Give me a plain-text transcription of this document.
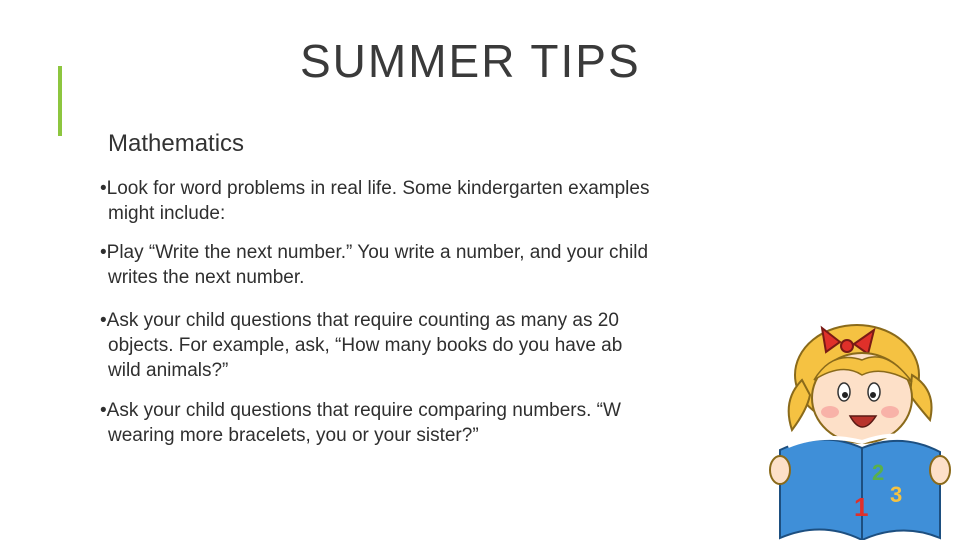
SUMMER TIPS
Mathematics
•Look for word problems in real life. Some kindergarten examples
might include:
•Play “Write the next number.” You write a number, and your child
writes the next number.
•Ask your child questions that require counting as many as 20
objects. For example, ask, “How many books do you have ab
wild animals?”
•Ask your child questions that require comparing numbers. “W
wearing more bracelets, you or your sister?”
1
2
3
